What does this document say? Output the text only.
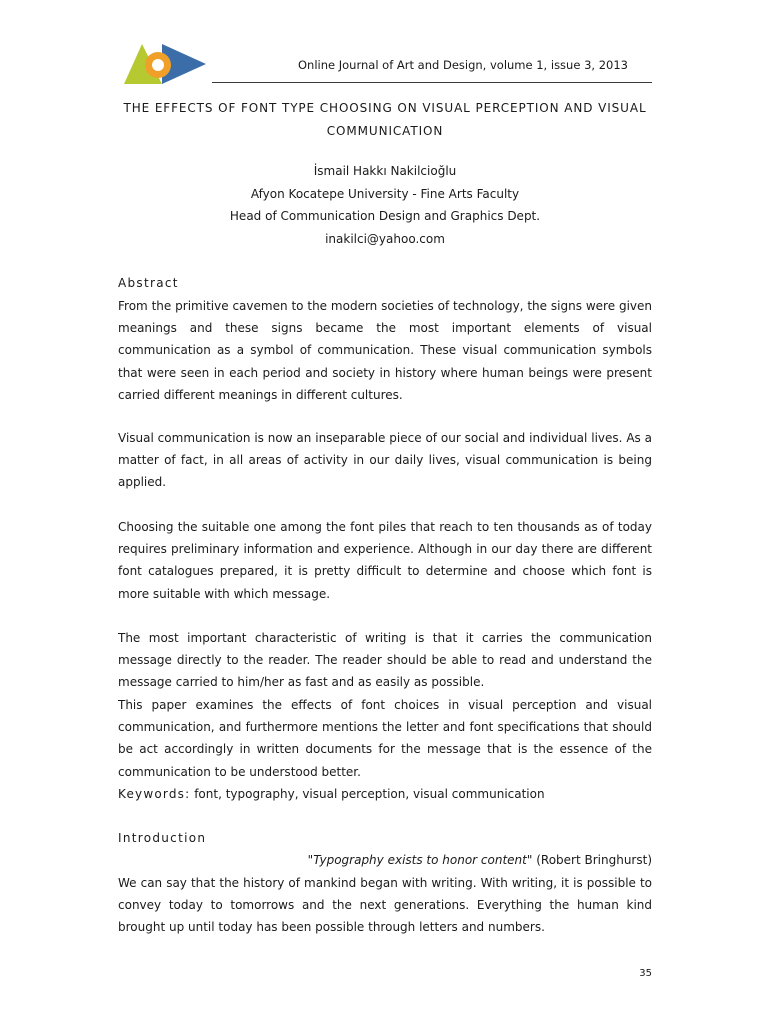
Online Journal of Art and Design, volume 1, issue 3, 2013
THE EFFECTS OF FONT TYPE CHOOSING ON VISUAL PERCEPTION AND VISUAL COMMUNICATION
İsmail Hakkı Nakilcioğlu
Afyon Kocatepe University - Fine Arts Faculty
Head of Communication Design and Graphics Dept.
inakilci@yahoo.com
Abstract

From the primitive cavemen to the modern societies of technology, the signs were given meanings and these signs became the most important elements of visual communication as a symbol of communication. These visual communication symbols that were seen in each period and society in history where human beings were present carried different meanings in different cultures.

Visual communication is now an inseparable piece of our social and individual lives. As a matter of fact, in all areas of activity in our daily lives, visual communication is being applied.

Choosing the suitable one among the font piles that reach to ten thousands as of today requires preliminary information and experience. Although in our day there are different font catalogues prepared, it is pretty difficult to determine and choose which font is more suitable with which message.

The most important characteristic of writing is that it carries the communication message directly to the reader. The reader should be able to read and understand the message carried to him/her as fast and as easily as possible.

This paper examines the effects of font choices in visual perception and visual communication, and furthermore mentions the letter and font specifications that should be act accordingly in written documents for the message that is the essence of the communication to be understood better.

Keywords: font, typography, visual perception, visual communication
Introduction
"Typography exists to honor content" (Robert Bringhurst)

We can say that the history of mankind began with writing. With writing, it is possible to convey today to tomorrows and the next generations. Everything the human kind brought up until today has been possible through letters and numbers.

35
